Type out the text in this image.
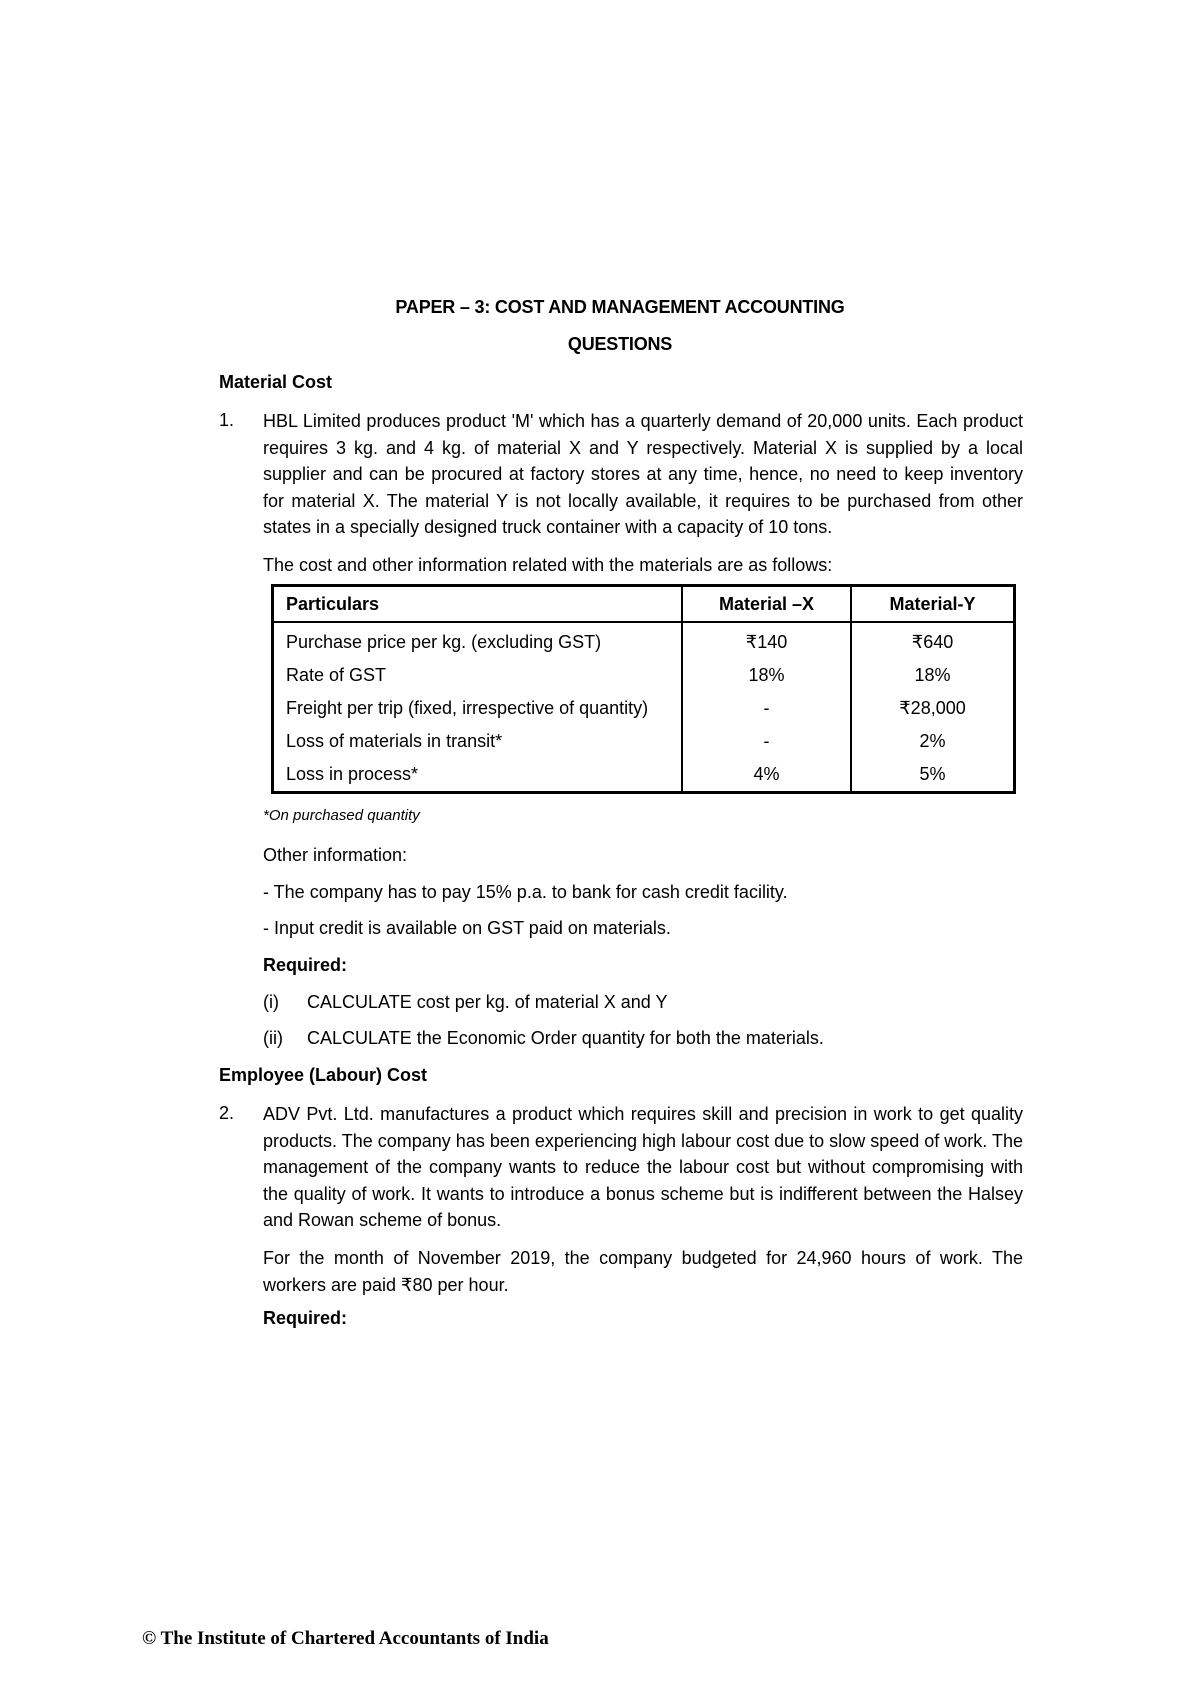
PAPER – 3: COST AND MANAGEMENT ACCOUNTING
QUESTIONS
Material Cost
1. HBL Limited produces product 'M' which has a quarterly demand of 20,000 units. Each product requires 3 kg. and 4 kg. of material X and Y respectively. Material X is supplied by a local supplier and can be procured at factory stores at any time, hence, no need to keep inventory for material X. The material Y is not locally available, it requires to be purchased from other states in a specially designed truck container with a capacity of 10 tons.
The cost and other information related with the materials are as follows:
Particulars	Material –X	Material-Y
Purchase price per kg. (excluding GST)	₹140	₹640
Rate of GST	18%	18%
Freight per trip (fixed, irrespective of quantity)	-	₹28,000
Loss of materials in transit*	-	2%
Loss in process*	4%	5%
*On purchased quantity
Other information:
- The company has to pay 15% p.a. to bank for cash credit facility.
- Input credit is available on GST paid on materials.
Required:
(i) CALCULATE cost per kg. of material X and Y
(ii) CALCULATE the Economic Order quantity for both the materials.
Employee (Labour) Cost
2. ADV Pvt. Ltd. manufactures a product which requires skill and precision in work to get quality products. The company has been experiencing high labour cost due to slow speed of work. The management of the company wants to reduce the labour cost but without compromising with the quality of work. It wants to introduce a bonus scheme but is indifferent between the Halsey and Rowan scheme of bonus.
For the month of November 2019, the company budgeted for 24,960 hours of work. The workers are paid ₹80 per hour.
Required:
© The Institute of Chartered Accountants of India
